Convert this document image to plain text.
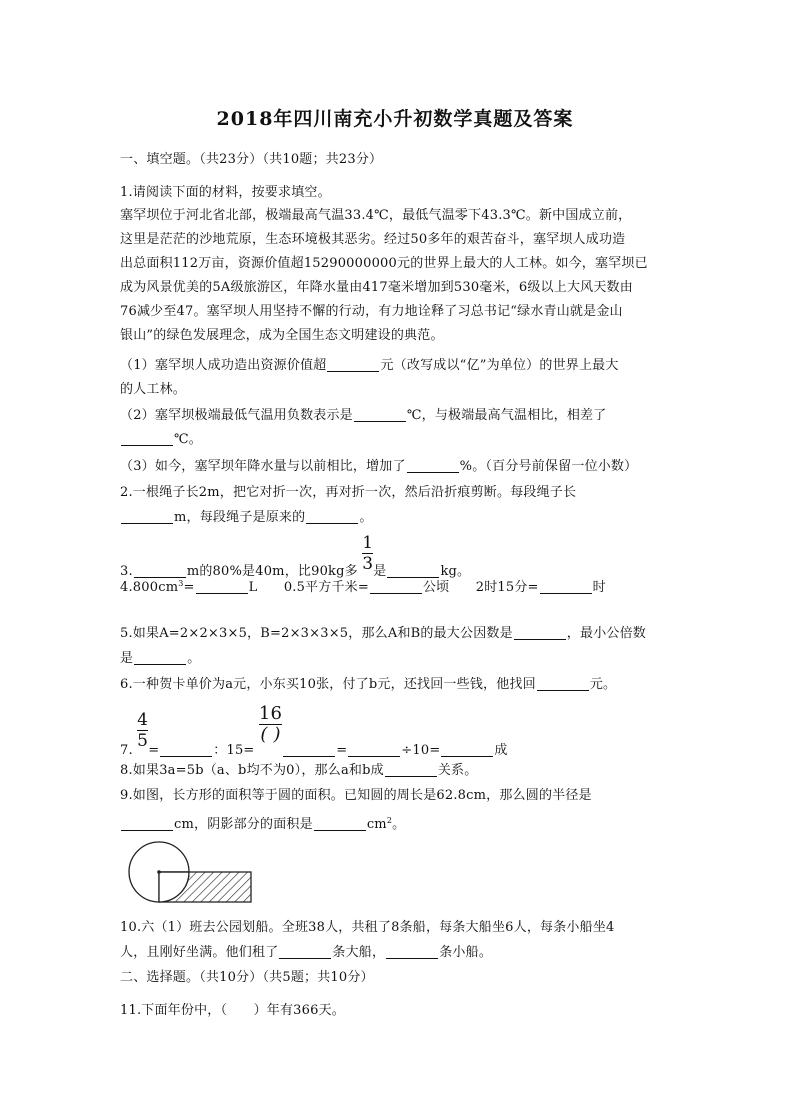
2018年四川南充小升初数学真题及答案
一、填空题。（共23分）（共10题；共23分）
1.请阅读下面的材料，按要求填空。
塞罕坝位于河北省北部，极端最高气温33.4℃，最低气温零下43.3℃。新中国成立前，
这里是茫茫的沙地荒原，生态环境极其恶劣。经过50多年的艰苦奋斗，塞罕坝人成功造
出总面积112万亩，资源价值超15290000000元的世界上最大的人工林。如今，塞罕坝已
成为风景优美的5A级旅游区，年降水量由417毫米增加到530毫米，6级以上大风天数由
76减少至47。塞罕坝人用坚持不懈的行动，有力地诠释了习总书记“绿水青山就是金山
银山”的绿色发展理念，成为全国生态文明建设的典范。
（1）塞罕坝人成功造出资源价值超	元（改写成以“亿”为单位）的世界上最大
的人工林。
（2）塞罕坝极端最低气温用负数表示是	℃，与极端最高气温相比，相差了
℃。
（3）如今，塞罕坝年降水量与以前相比，增加了	%。（百分号前保留一位小数）
2.一根绳子长2m，把它对折一次，再对折一次，然后沿折痕剪断。每段绳子长
m，每段绳子是原来的	。
3.	m的80%是40m，比90kg多 $\frac{1}{3}$ 是	kg。
$4.800cm^3=$	L 0.5平方千米=	公顷 2时15分=	时
5.如果A=2×2×3×5，B=2×3×3×5，那么A和B的最大公因数是	，最小公倍数
是	。
6.一种贺卡单价为a元，小东买10张，付了b元，还找回一些钱，他找回	元。
7. $\frac{4}{5}$ =	：15=
$\frac{16}{( )}$
=	÷10=	成
8.如果3a=5b（a、b均不为0），那么a和b成	关系。
9.如图，长方形的面积等于圆的面积。已知圆的周长是62.8cm，那么圆的半径是
cm，阴影部分的面积是	$cm^2$。
10.六（1）班去公园划船。全班38人，共租了8条船，每条大船坐6人，每条小船坐4
人，且刚好坐满。他们租了	条大船，	条小船。
二、选择题。（共10分）（共5题；共10分）
11.下面年份中，（　　）年有366天。
